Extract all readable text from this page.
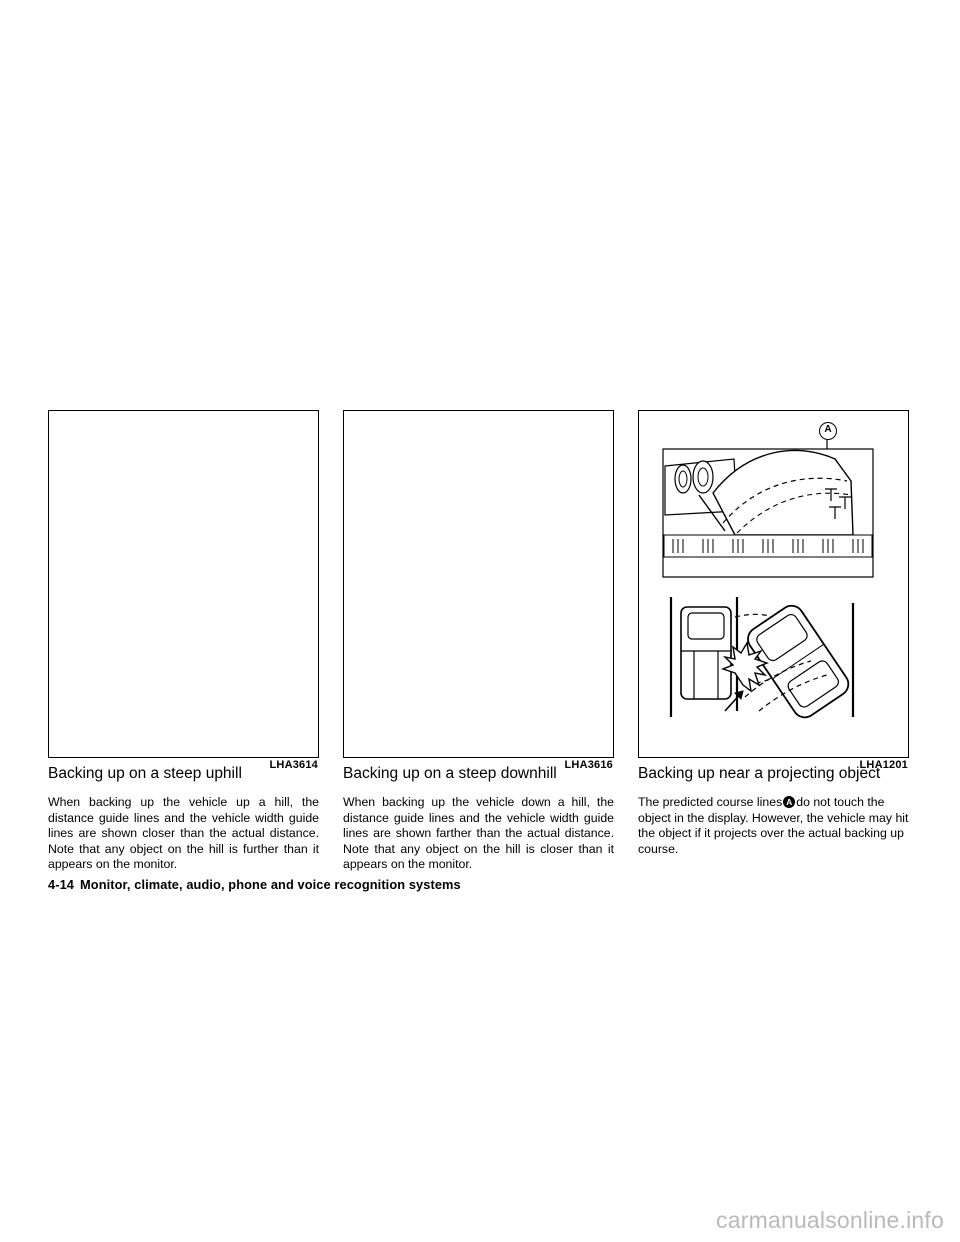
LHA3614
Backing up on a steep uphill

When backing up the vehicle up a hill, the distance guide lines and the vehicle width guide lines are shown closer than the actual distance. Note that any object on the hill is further than it appears on the monitor.

LHA3616
Backing up on a steep downhill

When backing up the vehicle down a hill, the distance guide lines and the vehicle width guide lines are shown farther than the actual distance. Note that any object on the hill is closer than it appears on the monitor.

A
LHA1201
Backing up near a projecting object

The predicted course lines A do not touch the object in the display. However, the vehicle may hit the object if it projects over the actual backing up course.

4-14 Monitor, climate, audio, phone and voice recognition systems
carmanualsonline.info
